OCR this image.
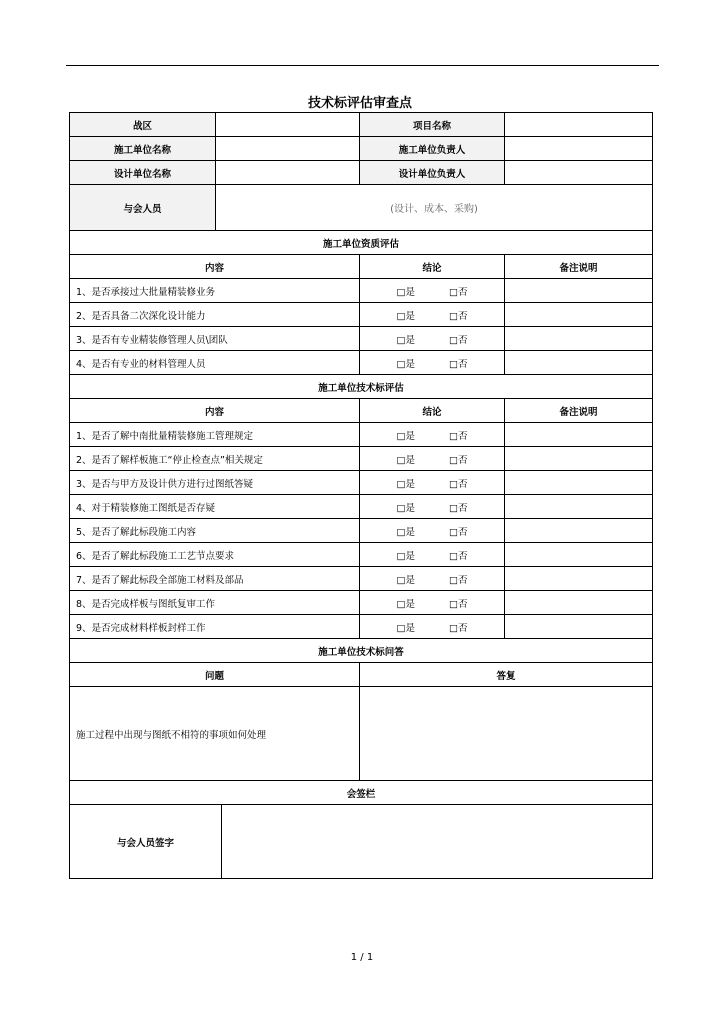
技术标评估审查点
战区			项目名称	
施工单位名称			施工单位负责人	
设计单位名称			设计单位负责人	
与会人员	(设计、成本、采购)			
施工单位资质评估				
内容			结论	备注说明
1、是否承接过大批量精装修业务			□是 □否	
2、是否具备二次深化设计能力			□是 □否	
3、是否有专业精装修管理人员\团队			□是 □否	
4、是否有专业的材料管理人员			□是 □否	
施工单位技术标评估				
内容			结论	备注说明
1、是否了解中南批量精装修施工管理规定			□是 □否	
2、是否了解样板施工“停止检查点”相关规定			□是 □否	
3、是否与甲方及设计供方进行过图纸答疑			□是 □否	
4、对于精装修施工图纸是否存疑			□是 □否	
5、是否了解此标段施工内容			□是 □否	
6、是否了解此标段施工工艺节点要求			□是 □否	
7、是否了解此标段全部施工材料及部品			□是 □否	
8、是否完成样板与图纸复审工作			□是 □否	
9、是否完成材料样板封样工作			□是 □否	
施工单位技术标问答				
问题			答复	
施工过程中出现与图纸不相符的事项如何处理				
会签栏				
与会人员签字				
1 / 1
